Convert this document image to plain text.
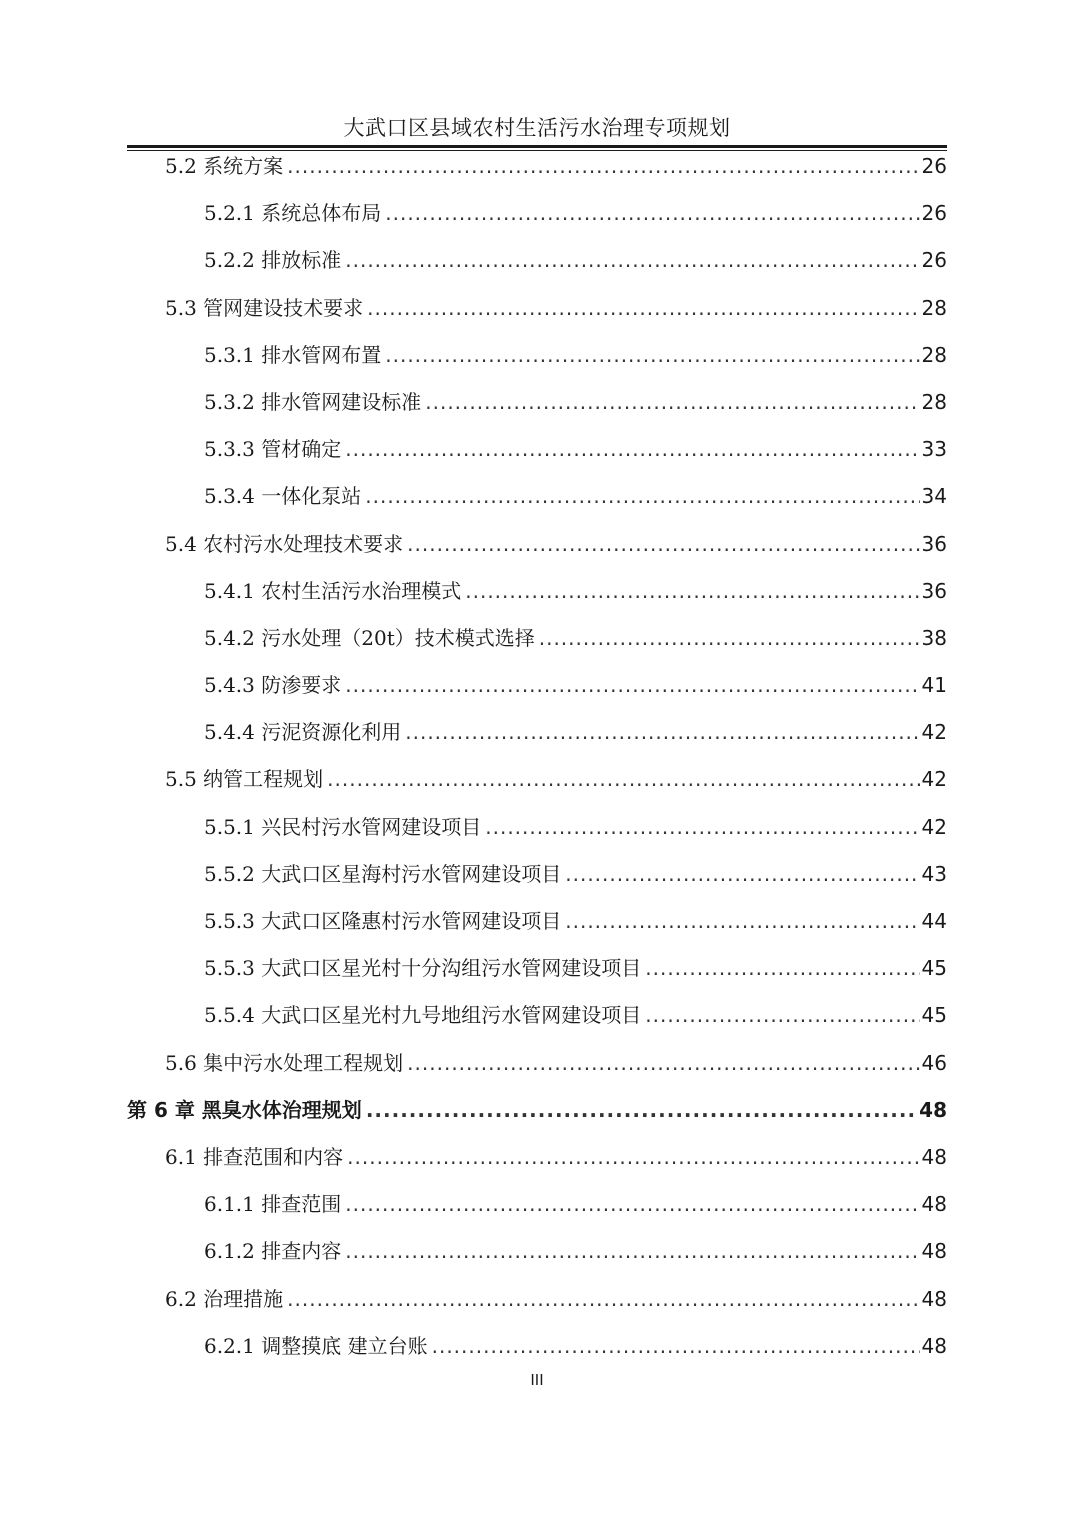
大武口区县域农村生活污水治理专项规划
5.2 系统方案 .....	26
5.2.1 系统总体布局 .....	26
5.2.2 排放标准 .....	26
5.3 管网建设技术要求 .....	28
5.3.1 排水管网布置 .....	28
5.3.2 排水管网建设标准 .....	28
5.3.3 管材确定 .....	33
5.3.4 一体化泵站 .....	34
5.4 农村污水处理技术要求 .....	36
5.4.1 农村生活污水治理模式 .....	36
5.4.2 污水处理（20t）技术模式选择 .....	38
5.4.3 防渗要求 .....	41
5.4.4 污泥资源化利用 .....	42
5.5 纳管工程规划 .....	42
5.5.1 兴民村污水管网建设项目 .....	42
5.5.2 大武口区星海村污水管网建设项目 .....	43
5.5.3 大武口区隆惠村污水管网建设项目 .....	44
5.5.3 大武口区星光村十分沟组污水管网建设项目 .....	45
5.5.4 大武口区星光村九号地组污水管网建设项目 .....	45
5.6 集中污水处理工程规划 .....	46
第 6 章 黑臭水体治理规划 .....	48
6.1 排查范围和内容 .....	48
6.1.1 排查范围 .....	48
6.1.2 排查内容 .....	48
6.2 治理措施 .....	48
6.2.1 调整摸底 建立台账 .....	48
III
